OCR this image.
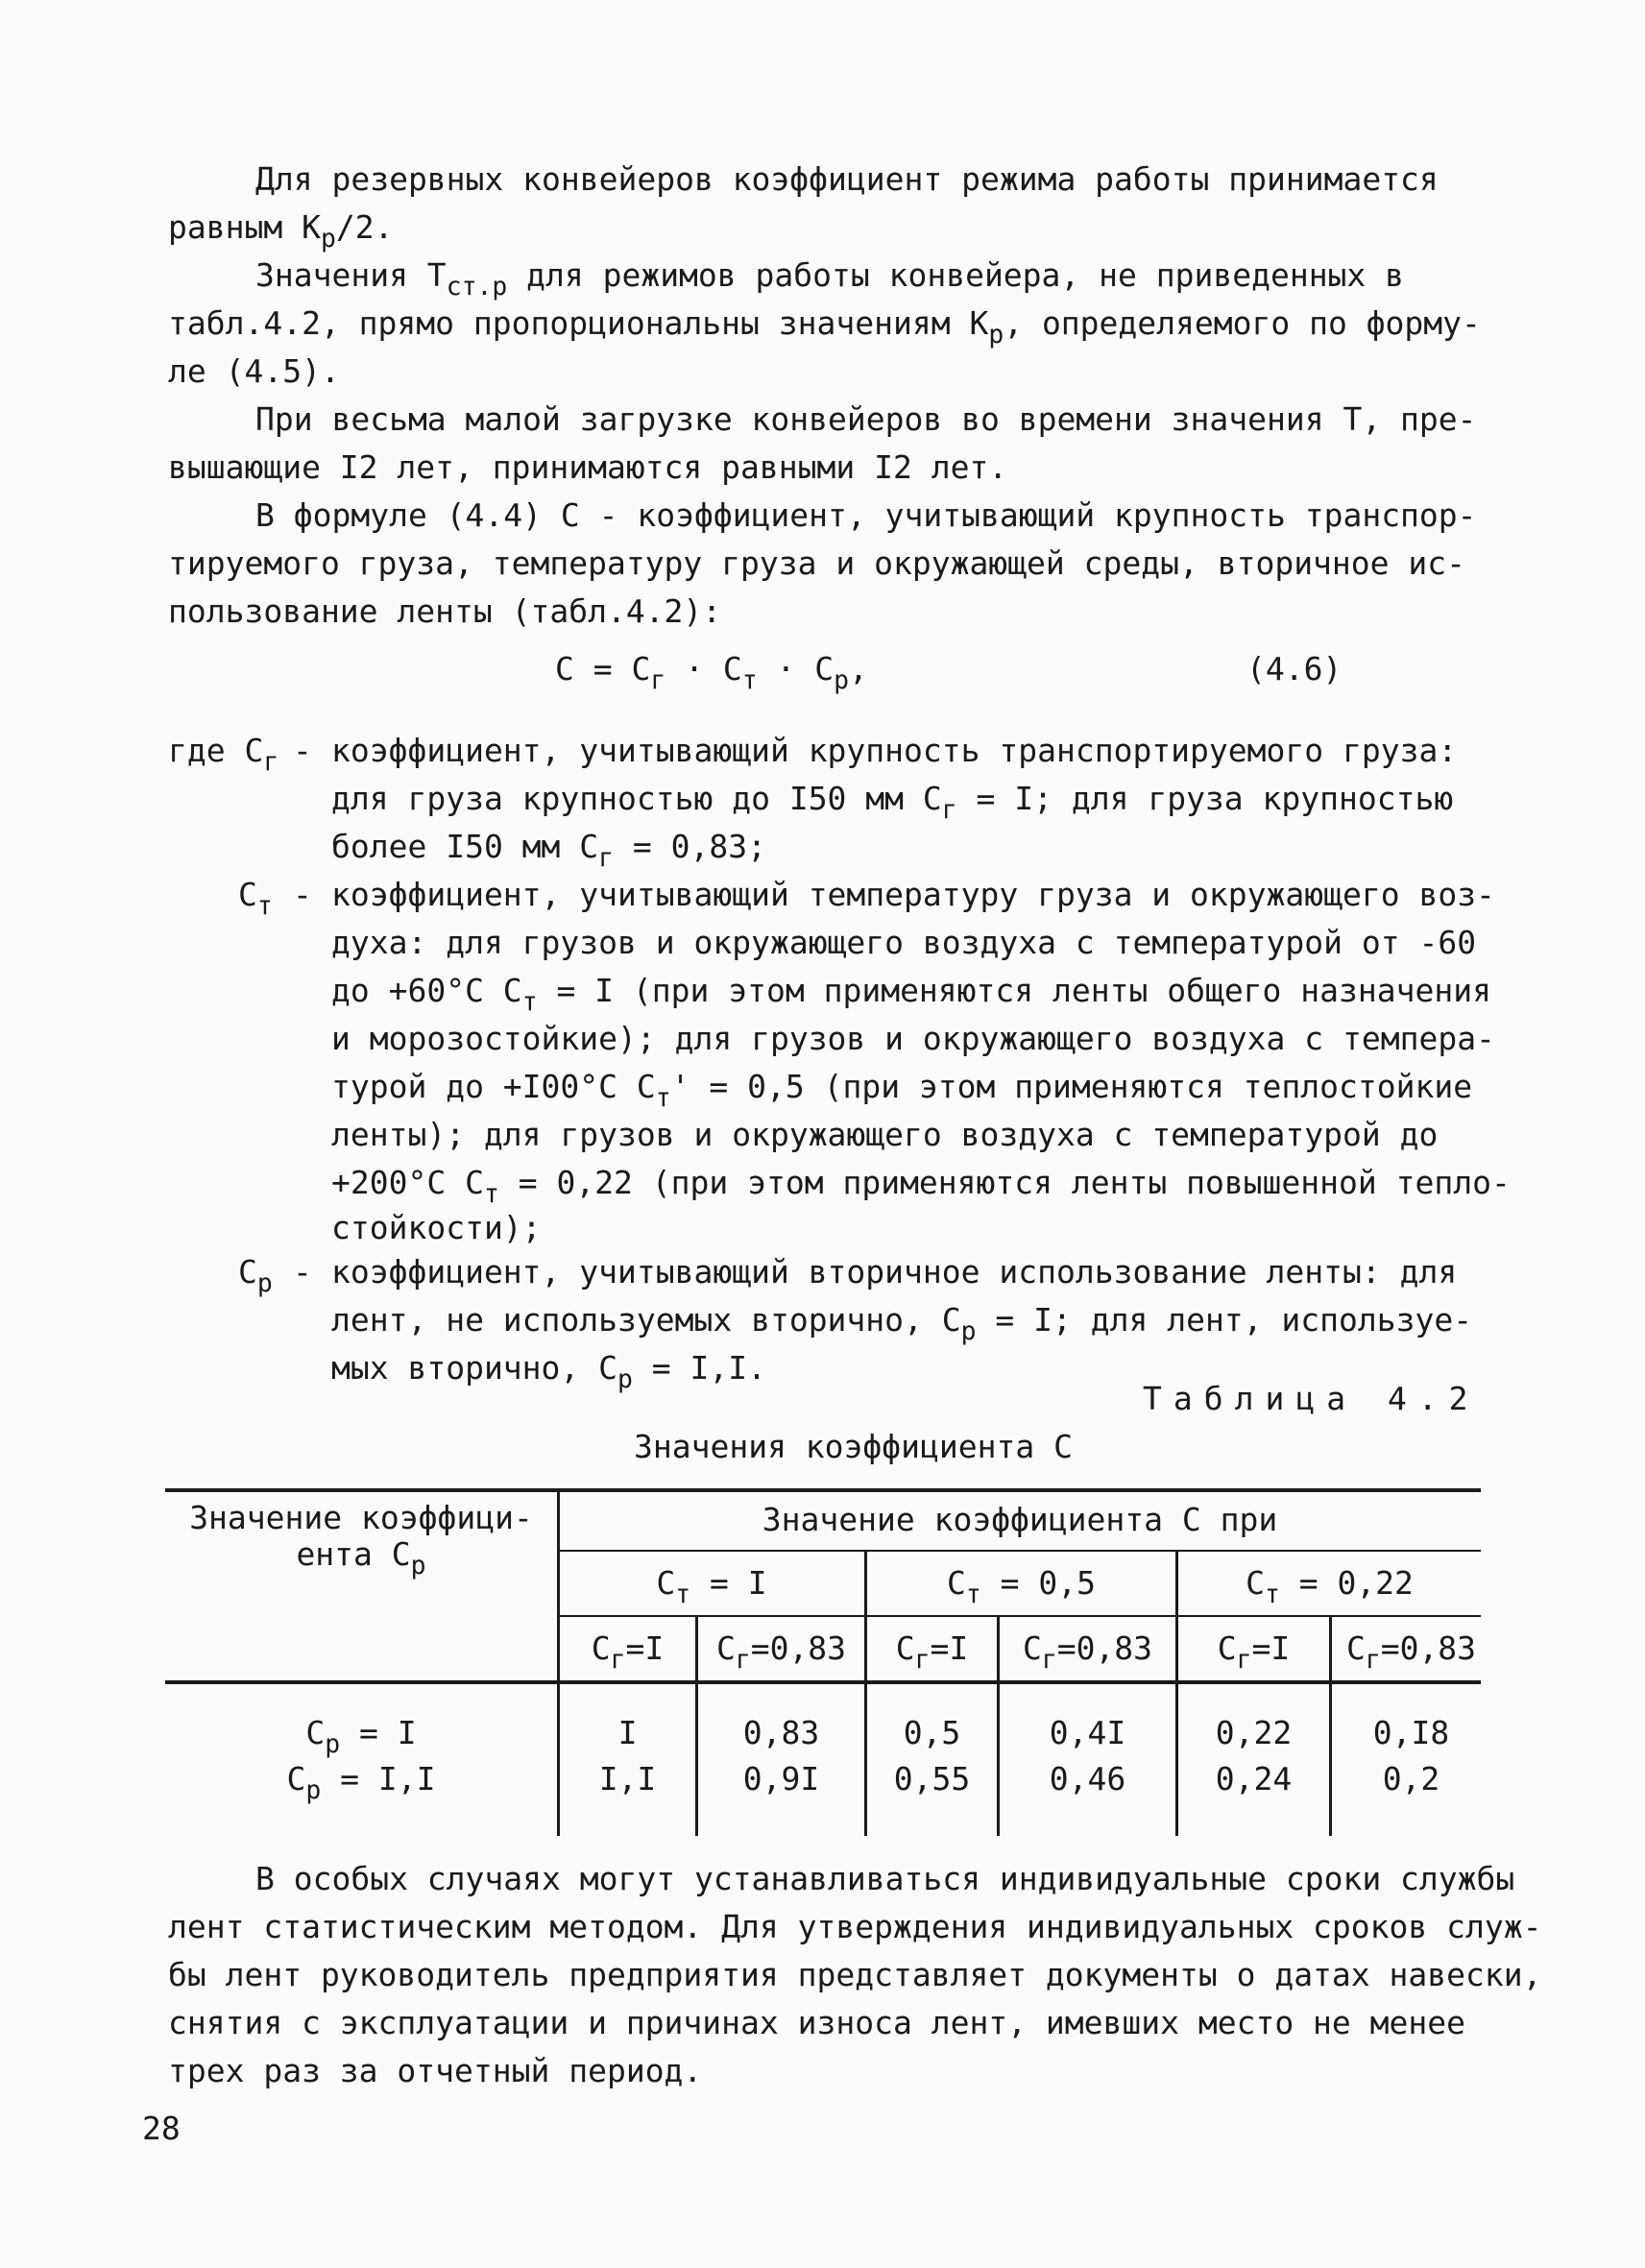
Для резервных конвейеров коэффициент режима работы принимается
равным $К_р/2$.
Значения $Т_{ст.р}$ для режимов работы конвейера, не приведенных в
табл.4.2, прямо пропорциональны значениям $К_р$, определяемого по форму-
ле (4.5).
При весьма малой загрузке конвейеров во времени значения Т, пре-
вышающие I2 лет, принимаются равными I2 лет.
В формуле (4.4) С - коэффициент, учитывающий крупность транспор-
тируемого груза, температуру груза и окружающей среды, вторичное ис-
пользование ленты (табл.4.2):
$С = С_г \cdot С_т \cdot С_р$,	(4.6)
где $С_г$ - коэффициент, учитывающий крупность транспортируемого груза:
для груза крупностью до I50 мм $С_г = I$; для груза крупностью
более I50 мм $С_г = 0,83$;
$С_т$ - коэффициент, учитывающий температуру груза и окружающего воз-
духа: для грузов и окружающего воздуха с температурой от -60
до +60°С $С_т = I$ (при этом применяются ленты общего назначения
и морозостойкие); для грузов и окружающего воздуха с темпера-
турой до +I00°С $С_т' = 0,5$ (при этом применяются теплостойкие
ленты); для грузов и окружающего воздуха с температурой до
+200°С $С_т = 0,22$ (при этом применяются ленты повышенной тепло-
стойкости);
$С_р$ - коэффициент, учитывающий вторичное использование ленты: для
лент, не используемых вторично, $С_р = I$; для лент, используе-
мых вторично, $С_р = I,I$.
Таблица 4.2
Значения коэффициента С
Значение коэффици-
ента $С_р$
Значение коэффициента С при
$С_т = I$	$С_т = 0,5$	$С_т = 0,22$
$С_г=I$	$С_г=0,83$	$С_г=I$	$С_г=0,83$	$С_г=I$	$С_г=0,83$
$С_р = I$	I	0,83	0,5	0,4I	0,22	0,I8
$С_р = I,I$	I,I	0,9I	0,55	0,46	0,24	0,2
В особых случаях могут устанавливаться индивидуальные сроки службы
лент статистическим методом. Для утверждения индивидуальных сроков служ-
бы лент руководитель предприятия представляет документы о датах навески,
снятия с эксплуатации и причинах износа лент, имевших место не менее
трех раз за отчетный период.
28
